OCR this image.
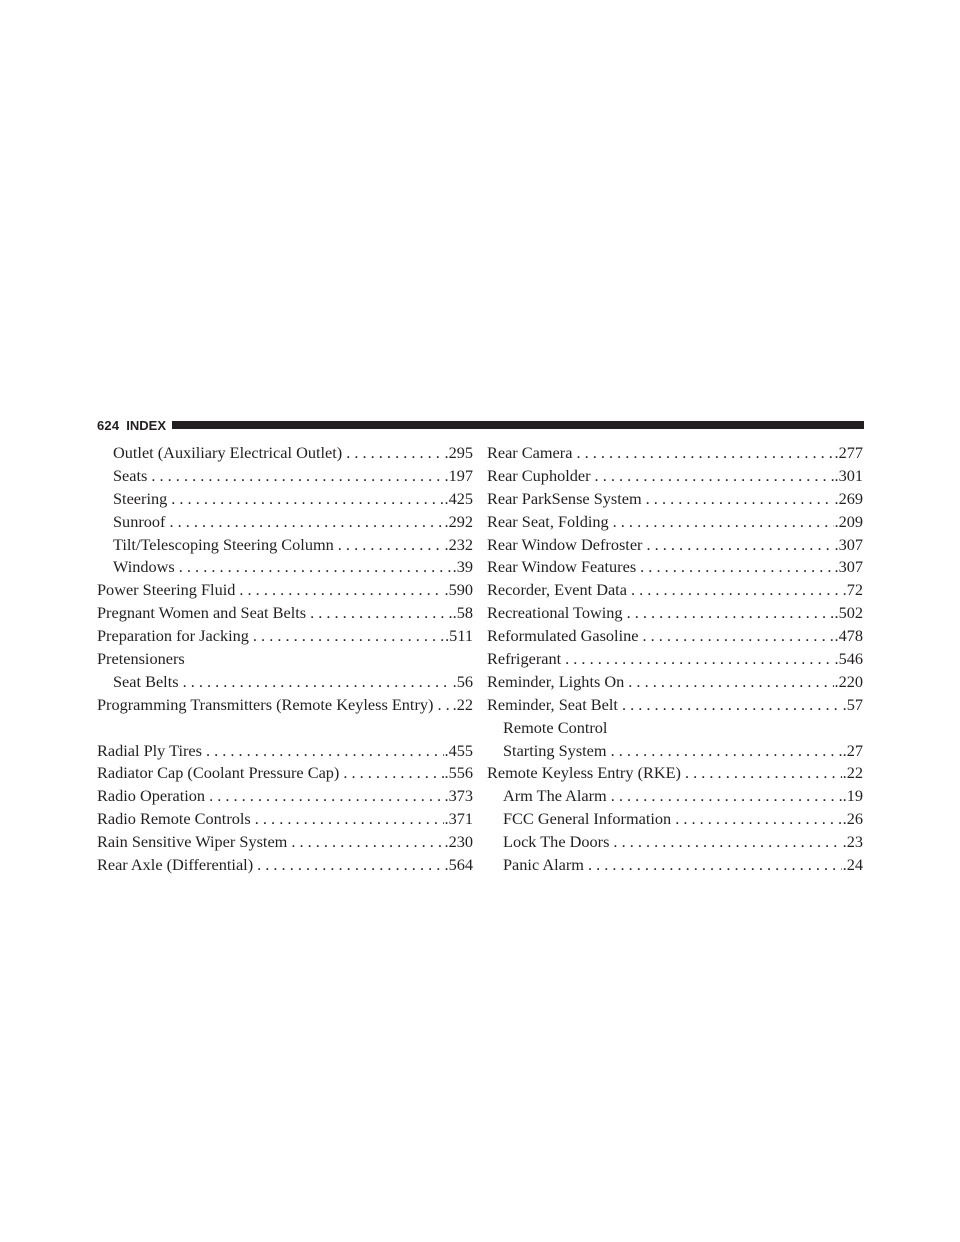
624 INDEX
Outlet (Auxiliary Electrical Outlet) . . .	.295
Seats . . .	.197
Steering . . .	.425
Sunroof . . .	.292
Tilt/Telescoping Steering Column . . .	.232
Windows . . .	.39
Power Steering Fluid . . .	.590
Pregnant Women and Seat Belts . . .	.58
Preparation for Jacking . . .	.511
Pretensioners
Seat Belts . . .	.56
Programming Transmitters (Remote Keyless Entry) . . . .22
Radial Ply Tires . . .	.455
Radiator Cap (Coolant Pressure Cap) . . .	.556
Radio Operation . . .	.373
Radio Remote Controls . . .	.371
Rain Sensitive Wiper System . . .	.230
Rear Axle (Differential) . . .	.564
Rear Camera . . .	.277
Rear Cupholder . . .	.301
Rear ParkSense System . . .	.269
Rear Seat, Folding . . .	.209
Rear Window Defroster . . .	.307
Rear Window Features . . .	.307
Recorder, Event Data . . .	.72
Recreational Towing . . .	.502
Reformulated Gasoline . . .	.478
Refrigerant . . .	.546
Reminder, Lights On . . .	.220
Reminder, Seat Belt . . .	.57
Remote Control
Starting System . . .	.27
Remote Keyless Entry (RKE) . . .	.22
Arm The Alarm . . .	.19
FCC General Information . . .	.26
Lock The Doors . . .	.23
Panic Alarm . . .	.24
